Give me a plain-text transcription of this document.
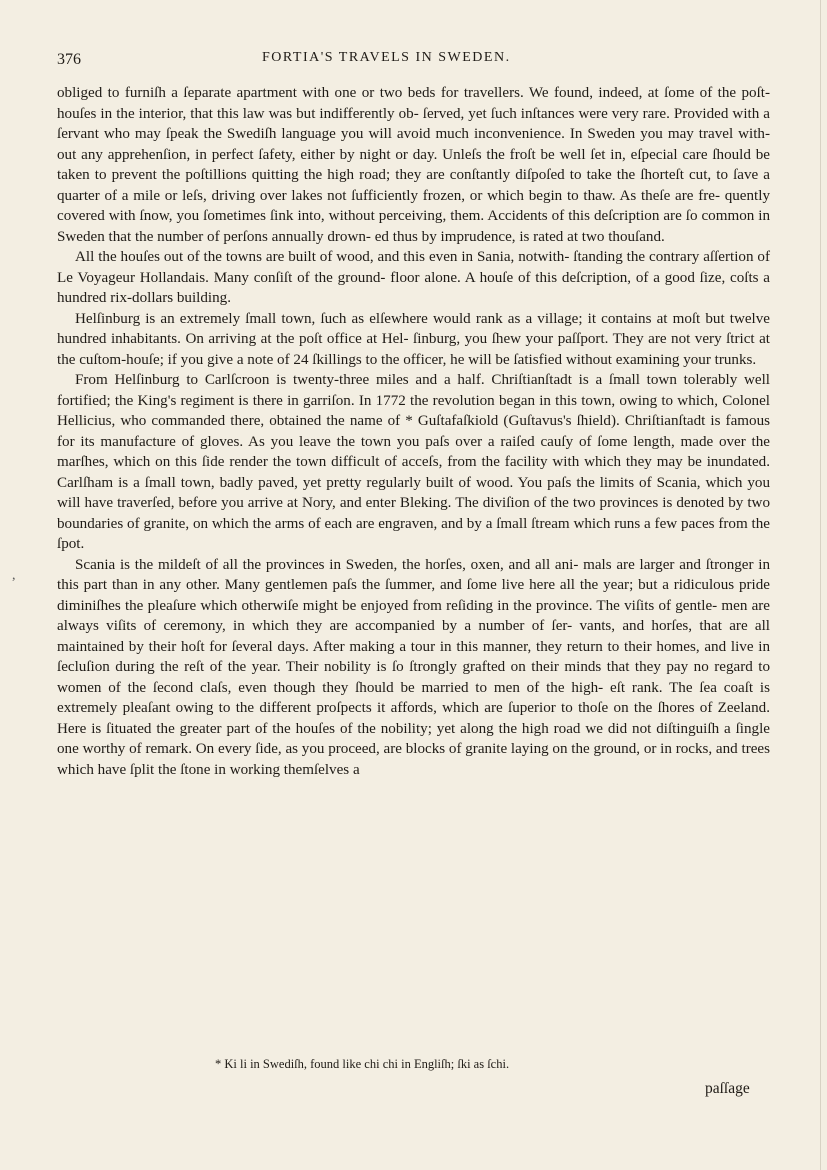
376	FORTIA'S TRAVELS IN SWEDEN.
,

obliged to furniſh a ſeparate apartment with one or two beds for travellers. We found, indeed, at ſome of the poſt-houſes in the interior, that this law was but indifferently ob- ſerved, yet ſuch inſtances were very rare. Provided with a ſervant who may ſpeak the Swediſh language you will avoid much inconvenience. In Sweden you may travel with- out any apprehenſion, in perfect ſafety, either by night or day. Unleſs the froſt be well ſet in, eſpecial care ſhould be taken to prevent the poſtillions quitting the high road; they are conſtantly diſpoſed to take the ſhorteſt cut, to ſave a quarter of a mile or leſs, driving over lakes not ſufficiently frozen, or which begin to thaw. As theſe are fre- quently covered with ſnow, you ſometimes ſink into, without perceiving, them. Accidents of this deſcription are ſo common in Sweden that the number of perſons annually drown- ed thus by imprudence, is rated at two thouſand.

All the houſes out of the towns are built of wood, and this even in Sania, notwith- ſtanding the contrary aſſertion of Le Voyageur Hollandais. Many conſiſt of the ground- floor alone. A houſe of this deſcription, of a good ſize, coſts a hundred rix-dollars building.

Helſinburg is an extremely ſmall town, ſuch as elſewhere would rank as a village; it contains at moſt but twelve hundred inhabitants. On arriving at the poſt office at Hel- ſinburg, you ſhew your paſſport. They are not very ſtrict at the cuſtom-houſe; if you give a note of 24 ſkillings to the officer, he will be ſatisfied without examining your trunks.

From Helſinburg to Carlſcroon is twenty-three miles and a half. Chriſtianſtadt is a ſmall town tolerably well fortified; the King's regiment is there in garriſon. In 1772 the revolution began in this town, owing to which, Colonel Hellicius, who commanded there, obtained the name of * Guſtafaſkiold (Guſtavus's ſhield). Chriſtianſtadt is famous for its manufacture of gloves. As you leave the town you paſs over a raiſed cauſy of ſome length, made over the marſhes, which on this ſide render the town difficult of acceſs, from the facility with which they may be inundated. Carlſham is a ſmall town, badly paved, yet pretty regularly built of wood. You paſs the limits of Scania, which you will have traverſed, before you arrive at Nory, and enter Bleking. The diviſion of the two provinces is denoted by two boundaries of granite, on which the arms of each are engraven, and by a ſmall ſtream which runs a few paces from the ſpot.

Scania is the mildeſt of all the provinces in Sweden, the horſes, oxen, and all ani- mals are larger and ſtronger in this part than in any other. Many gentlemen paſs the ſummer, and ſome live here all the year; but a ridiculous pride diminiſhes the pleaſure which otherwiſe might be enjoyed from reſiding in the province. The viſits of gentle- men are always viſits of ceremony, in which they are accompanied by a number of ſer- vants, and horſes, that are all maintained by their hoſt for ſeveral days. After making a tour in this manner, they return to their homes, and live in ſecluſion during the reſt of the year. Their nobility is ſo ſtrongly grafted on their minds that they pay no regard to women of the ſecond claſs, even though they ſhould be married to men of the high- eſt rank. The ſea coaſt is extremely pleaſant owing to the different proſpects it affords, which are ſuperior to thoſe on the ſhores of Zeeland. Here is ſituated the greater part of the houſes of the nobility; yet along the high road we did not diſtinguiſh a ſingle one worthy of remark. On every ſide, as you proceed, are blocks of granite laying on the ground, or in rocks, and trees which have ſplit the ſtone in working themſelves a

* Ki li in Swediſh, found like chi chi in Engliſh; ſki as ſchi.
paſſage
